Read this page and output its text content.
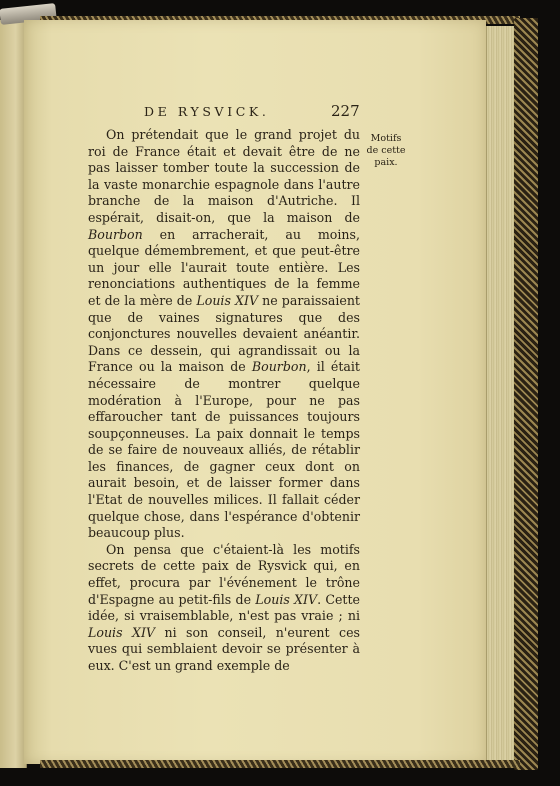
DE RYSVICK.	227
Motifs de cette paix.

On prétendait que le grand projet du roi de France était et devait être de ne pas laisser tomber toute la succession de la vaste monarchie espagnole dans l'autre branche de la maison d'Autriche. Il espérait, disait-on, que la maison de Bourbon en arracherait, au moins, quelque démembrement, et que peut-être un jour elle l'aurait toute entière. Les renonciations authentiques de la femme et de la mère de Louis XIV ne paraissaient que de vaines signatures que des conjonctures nouvelles devaient anéantir. Dans ce dessein, qui agrandissait ou la France ou la maison de Bourbon, il était nécessaire de montrer quelque modération à l'Europe, pour ne pas effaroucher tant de puissances toujours soupçonneuses. La paix donnait le temps de se faire de nouveaux alliés, de rétablir les finances, de gagner ceux dont on aurait besoin, et de laisser former dans l'Etat de nouvelles milices. Il fallait céder quelque chose, dans l'espérance d'obtenir beaucoup plus.

On pensa que c'étaient-là les motifs secrets de cette paix de Rysvick qui, en effet, procura par l'événement le trône d'Espagne au petit-fils de Louis XIV. Cette idée, si vraisemblable, n'est pas vraie ; ni Louis XIV ni son conseil, n'eurent ces vues qui semblaient devoir se présenter à eux. C'est un grand exemple de
